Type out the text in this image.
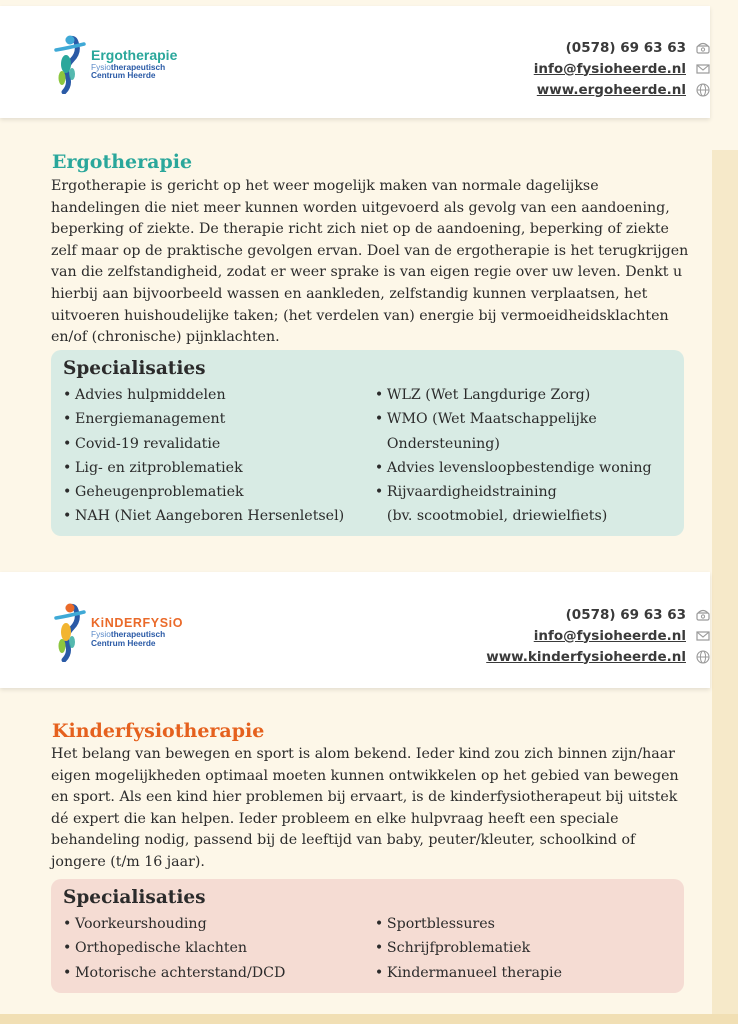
Ergotherapie
Fysiotherapeutisch
Centrum Heerde
(0578) 69 63 63
info@fysioheerde.nl
www.ergoheerde.nl
Ergotherapie
Ergotherapie is gericht op het weer mogelijk maken van normale dagelijkse handelingen die niet meer kunnen worden uitgevoerd als gevolg van een aandoening, beperking of ziekte. De therapie richt zich niet op de aandoening, beperking of ziekte zelf maar op de praktische gevolgen ervan. Doel van de ergotherapie is het terugkrijgen van die zelfstandigheid, zodat er weer sprake is van eigen regie over uw leven. Denkt u hierbij aan bijvoorbeeld wassen en aankleden, zelfstandig kunnen verplaatsen, het uitvoeren huishoudelijke taken; (het verdelen van) energie bij vermoeidheidsklachten en/of (chronische) pijnklachten.
Specialisaties
• Advies hulpmiddelen
• Energiemanagement
• Covid-19 revalidatie
• Lig- en zitproblematiek
• Geheugenproblematiek
• NAH (Niet Aangeboren Hersenletsel)
• WLZ (Wet Langdurige Zorg)
• WMO (Wet Maatschappelijke
Ondersteuning)
• Advies levensloopbestendige woning
• Rijvaardigheidstraining
(bv. scootmobiel, driewielfiets)
KiNDERFYSiO
Fysiotherapeutisch
Centrum Heerde
(0578) 69 63 63
info@fysioheerde.nl
www.kinderfysioheerde.nl
Kinderfysiotherapie
Het belang van bewegen en sport is alom bekend. Ieder kind zou zich binnen zijn/haar eigen mogelijkheden optimaal moeten kunnen ontwikkelen op het gebied van bewegen en sport. Als een kind hier problemen bij ervaart, is de kinderfysiotherapeut bij uitstek dé expert die kan helpen. Ieder probleem en elke hulpvraag heeft een speciale behandeling nodig, passend bij de leeftijd van baby, peuter/kleuter, schoolkind of jongere (t/m 16 jaar).
Specialisaties
• Voorkeurshouding
• Orthopedische klachten
• Motorische achterstand/DCD
• Sportblessures
• Schrijfproblematiek
• Kindermanueel therapie
